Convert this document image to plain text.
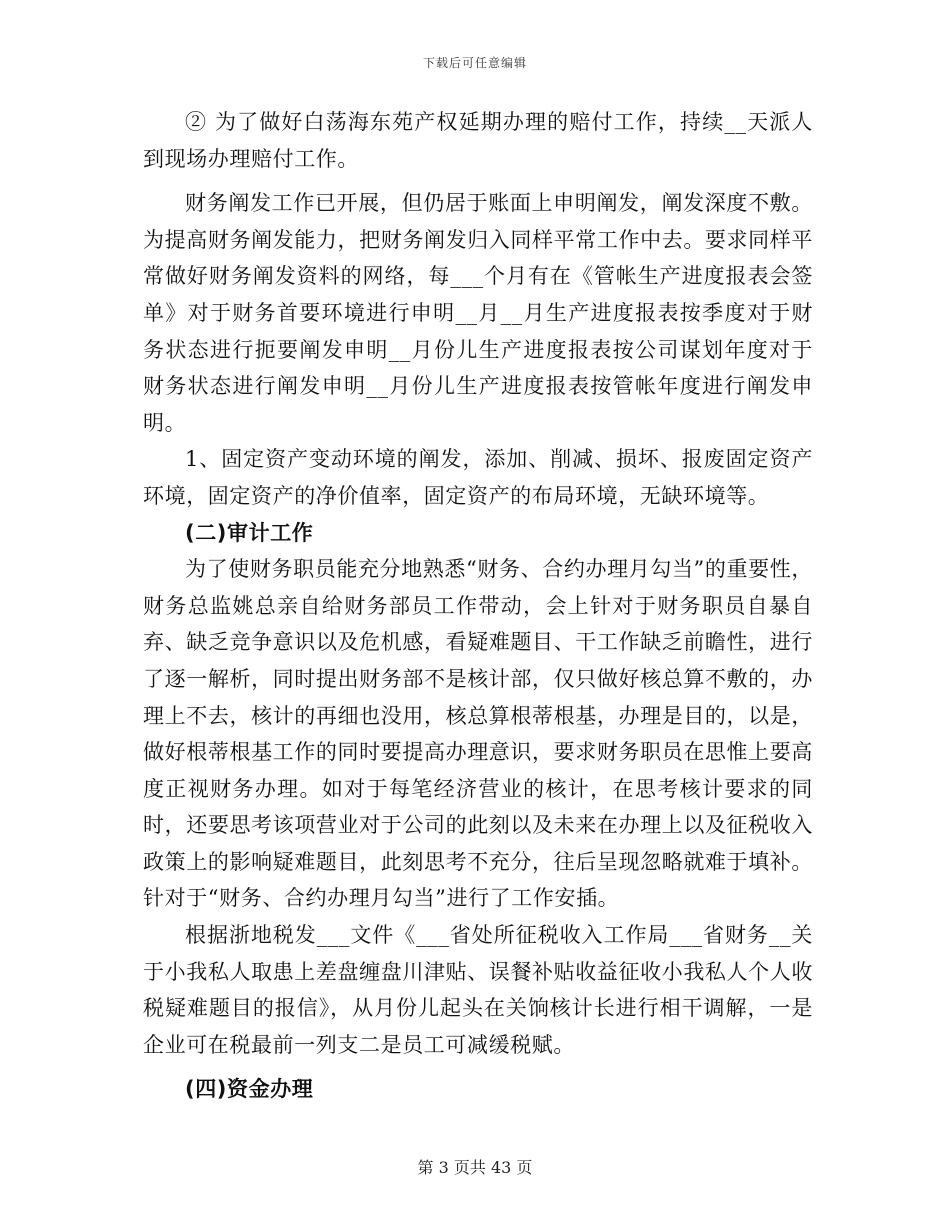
下载后可任意编辑

② 为了做好白荡海东苑产权延期办理的赔付工作，持续__天派人到现场办理赔付工作。

财务阐发工作已开展，但仍居于账面上申明阐发，阐发深度不敷。为提高财务阐发能力，把财务阐发归入同样平常工作中去。要求同样平常做好财务阐发资料的网络，每___个月有在《管帐生产进度报表会签单》对于财务首要环境进行申明__月__月生产进度报表按季度对于财务状态进行扼要阐发申明__月份儿生产进度报表按公司谋划年度对于财务状态进行阐发申明__月份儿生产进度报表按管帐年度进行阐发申明。

1、固定资产变动环境的阐发，添加、削减、损坏、报废固定资产环境，固定资产的净价值率，固定资产的布局环境，无缺环境等。

(二)审计工作

为了使财务职员能充分地熟悉“财务、合约办理月勾当”的重要性，财务总监姚总亲自给财务部员工作带动，会上针对于财务职员自暴自弃、缺乏竞争意识以及危机感，看疑难题目、干工作缺乏前瞻性，进行了逐一解析，同时提出财务部不是核计部，仅只做好核总算不敷的，办理上不去，核计的再细也没用，核总算根蒂根基，办理是目的，以是，做好根蒂根基工作的同时要提高办理意识，要求财务职员在思惟上要高度正视财务办理。如对于每笔经济营业的核计，在思考核计要求的同时，还要思考该项营业对于公司的此刻以及未来在办理上以及征税收入政策上的影响疑难题目，此刻思考不充分，往后呈现忽略就难于填补。针对于“财务、合约办理月勾当”进行了工作安插。

根据浙地税发___文件《___省处所征税收入工作局___省财务__关于小我私人取患上差盘缠盘川津贴、误餐补贴收益征收小我私人个人收税疑难题目的报信》，从月份儿起头在关饷核计长进行相干调解，一是企业可在税最前一列支二是员工可减缓税赋。

(四)资金办理

第 3 页共 43 页
